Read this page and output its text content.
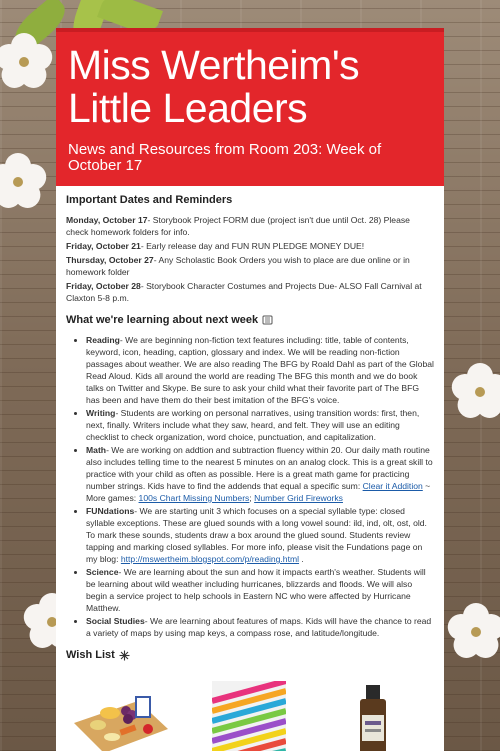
Miss Wertheim's
Little Leaders
News and Resources from Room 203: Week of October 17
Important Dates and Reminders

Monday, October 17- Storybook Project FORM due (project isn't due until Oct. 28) Please check homework folders for info.

Friday, October 21- Early release day and FUN RUN PLEDGE MONEY DUE!

Thursday, October 27- Any Scholastic Book Orders you wish to place are due online or in homework folder

Friday, October 28- Storybook Character Costumes and Projects Due- ALSO Fall Carnival at Claxton 5-8 p.m.

What we're learning about next week
• Reading- We are beginning non-fiction text features including: title, table of contents, keyword, icon, heading, caption, glossary and index. We will be reading non-fiction passages about weather. We are also reading The BFG by Roald Dahl as part of the Global Read Aloud. Kids all around the world are reading The BFG this month and we do book talks on Twitter and Skype. Be sure to ask your child what their favorite part of The BFG has been and have them do their best imitation of the BFG's voice.
• Writing- Students are working on personal narratives, using transition words: first, then, next, finally. Writers include what they saw, heard, and felt. They will use an editing checklist to check organization, word choice, punctuation, and capitalization.
• Math- We are working on addtion and subtraction fluency within 20. Our daily math routine also includes telling time to the nearest 5 minutes on an analog clock. This is a great skill to practice with your child as often as possible. Here is a great math game for practicing number strings. Kids have to find the addends that equal a specific sum: Clear it Addition ~ More games: 100s Chart Missing Numbers; Number Grid Fireworks
• FUNdations- We are starting unit 3 which focuses on a special syllable type: closed syllable exceptions. These are glued sounds with a long vowel sound: ild, ind, olt, ost, old. To mark these sounds, students draw a box around the glued sound. Students review tapping and marking closed syllables. For more info, please visit the Fundations page on my blog: http://mswertheim.blogspot.com/p/reading.html .
• Science- We are learning about the sun and how it impacts earth's weather. Students will be learning about wild weather including hurricanes, blizzards and floods. We will also begin a service project to help schools in Eastern NC who were affected by Hurricane Matthew.
• Social Studies- We are learning about features of maps. Kids will have the chance to read a variety of maps by using map keys, a compass rose, and latitude/longitude.
Wish List
